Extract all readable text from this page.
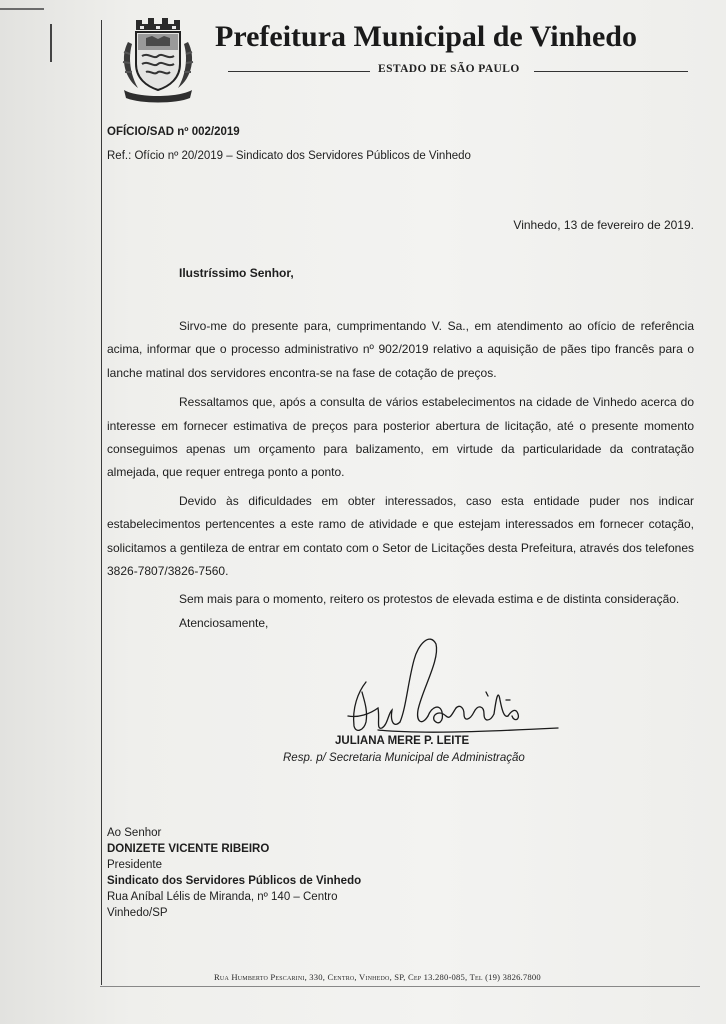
Prefeitura Municipal de Vinhedo
ESTADO DE SÃO PAULO
OFÍCIO/SAD nº 002/2019
Ref.: Ofício nº 20/2019 – Sindicato dos Servidores Públicos de Vinhedo
Vinhedo, 13 de fevereiro de 2019.
Ilustríssimo Senhor,

Sirvo-me do presente para, cumprimentando V. Sa., em atendimento ao ofício de referência acima, informar que o processo administrativo nº 902/2019 relativo a aquisição de pães tipo francês para o lanche matinal dos servidores encontra-se na fase de cotação de preços.

Ressaltamos que, após a consulta de vários estabelecimentos na cidade de Vinhedo acerca do interesse em fornecer estimativa de preços para posterior abertura de licitação, até o presente momento conseguimos apenas um orçamento para balizamento, em virtude da particularidade da contratação almejada, que requer entrega ponto a ponto.

Devido às dificuldades em obter interessados, caso esta entidade puder nos indicar estabelecimentos pertencentes a este ramo de atividade e que estejam interessados em fornecer cotação, solicitamos a gentileza de entrar em contato com o Setor de Licitações desta Prefeitura, através dos telefones 3826-7807/3826-7560.

Sem mais para o momento, reitero os protestos de elevada estima e de distinta consideração.

Atenciosamente,
JULIANA MERE P. LEITE
Resp. p/ Secretaria Municipal de Administração
Ao Senhor
DONIZETE VICENTE RIBEIRO
Presidente
Sindicato dos Servidores Públicos de Vinhedo
Rua Aníbal Lélis de Miranda, nº 140 – Centro
Vinhedo/SP
Rua Humberto Pescarini, 330, Centro, Vinhedo, SP, Cep 13.280-085, Tel (19) 3826.7800
